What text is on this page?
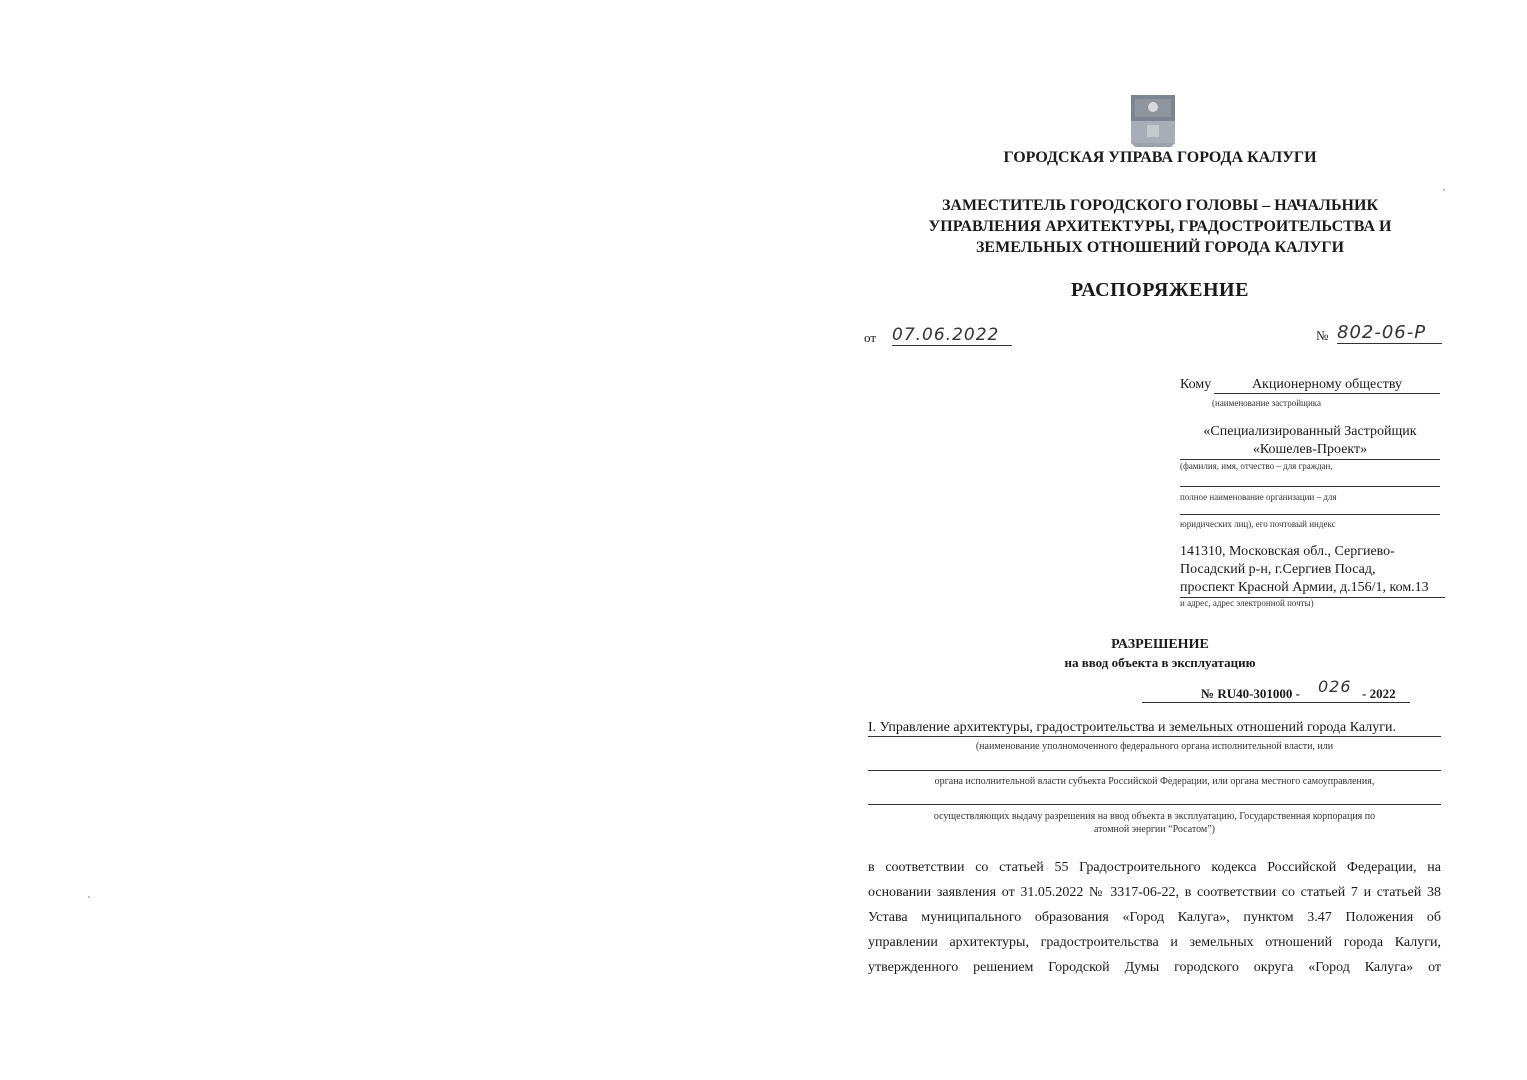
ГОРОДСКАЯ УПРАВА ГОРОДА КАЛУГИ
ЗАМЕСТИТЕЛЬ ГОРОДСКОГО ГОЛОВЫ – НАЧАЛЬНИК
УПРАВЛЕНИЯ АРХИТЕКТУРЫ, ГРАДОСТРОИТЕЛЬСТВА И
ЗЕМЕЛЬНЫХ ОТНОШЕНИЙ ГОРОДА КАЛУГИ
РАСПОРЯЖЕНИЕ
от 07.06.2022	№ 802-06-Р
Кому	Акционерному обществу
(наименование застройщика
«Специализированный Застройщик
«Кошелев-Проект»
(фамилия, имя, отчество – для граждан,
полное наименование организации – для
юридических лиц), его почтовый индекс
141310, Московская обл., Сергиево-
Посадский р-н, г.Сергиев Посад,
проспект Красной Армии, д.156/1, ком.13
и адрес, адрес электронной почты)
РАЗРЕШЕНИЕ
на ввод объекта в эксплуатацию
№ RU40-301000 - 026 - 2022
I. Управление архитектуры, градостроительства и земельных отношений города Калуги.
(наименование уполномоченного федерального органа исполнительной власти, или
органа исполнительной власти субъекта Российской Федерации, или органа местного самоуправления,
осуществляющих выдачу разрешения на ввод объекта в эксплуатацию, Государственная корпорация по
атомной энергии “Росатом”)
в соответствии со статьей 55 Градостроительного кодекса Российской Федерации, на
основании заявления от 31.05.2022 № 3317-06-22, в соответствии со статьей 7 и статьей 38
Устава муниципального образования «Город Калуга», пунктом 3.47 Положения об
управлении архитектуры, градостроительства и земельных отношений города Калуги,
утвержденного решением Городской Думы городского округа «Город Калуга» от
